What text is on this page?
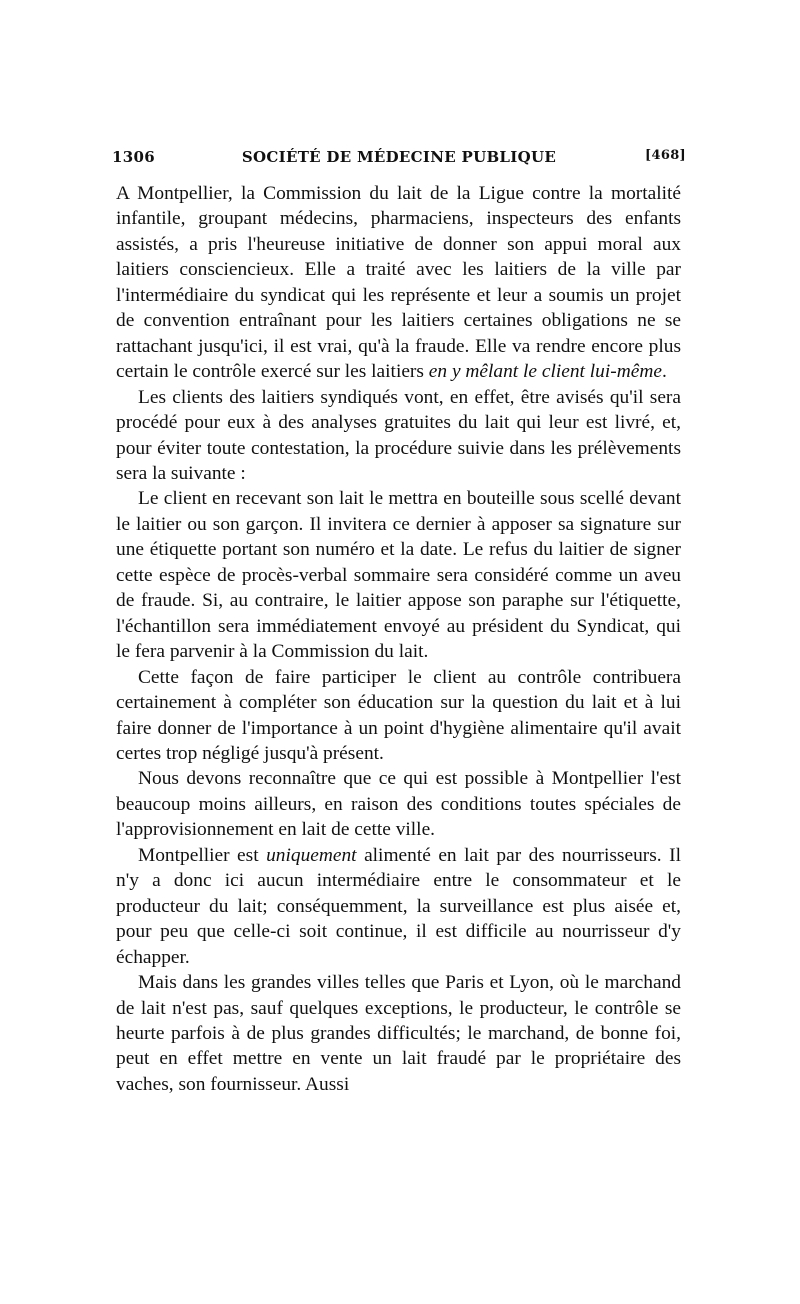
1306	SOCIÉTÉ DE MÉDECINE PUBLIQUE	[468]

A Montpellier, la Commission du lait de la Ligue contre la mortalité infantile, groupant médecins, pharmaciens, inspecteurs des enfants assistés, a pris l'heureuse initiative de donner son appui moral aux laitiers consciencieux. Elle a traité avec les laitiers de la ville par l'intermédiaire du syndicat qui les représente et leur a soumis un projet de convention entraînant pour les laitiers certaines obligations ne se rattachant jusqu'ici, il est vrai, qu'à la fraude. Elle va rendre encore plus certain le contrôle exercé sur les laitiers en y mêlant le client lui-même.

Les clients des laitiers syndiqués vont, en effet, être avisés qu'il sera procédé pour eux à des analyses gratuites du lait qui leur est livré, et, pour éviter toute contestation, la procédure suivie dans les prélèvements sera la suivante :

Le client en recevant son lait le mettra en bouteille sous scellé devant le laitier ou son garçon. Il invitera ce dernier à apposer sa signature sur une étiquette portant son numéro et la date. Le refus du laitier de signer cette espèce de procès-verbal sommaire sera considéré comme un aveu de fraude. Si, au contraire, le laitier appose son paraphe sur l'étiquette, l'échantillon sera immédiatement envoyé au président du Syndicat, qui le fera parvenir à la Commission du lait.

Cette façon de faire participer le client au contrôle contribuera certainement à compléter son éducation sur la question du lait et à lui faire donner de l'importance à un point d'hygiène alimentaire qu'il avait certes trop négligé jusqu'à présent.

Nous devons reconnaître que ce qui est possible à Montpellier l'est beaucoup moins ailleurs, en raison des conditions toutes spéciales de l'approvisionnement en lait de cette ville.

Montpellier est uniquement alimenté en lait par des nourrisseurs. Il n'y a donc ici aucun intermédiaire entre le consommateur et le producteur du lait; conséquemment, la surveillance est plus aisée et, pour peu que celle-ci soit continue, il est difficile au nourrisseur d'y échapper.

Mais dans les grandes villes telles que Paris et Lyon, où le marchand de lait n'est pas, sauf quelques exceptions, le producteur, le contrôle se heurte parfois à de plus grandes difficultés; le marchand, de bonne foi, peut en effet mettre en vente un lait fraudé par le propriétaire des vaches, son fournisseur. Aussi
